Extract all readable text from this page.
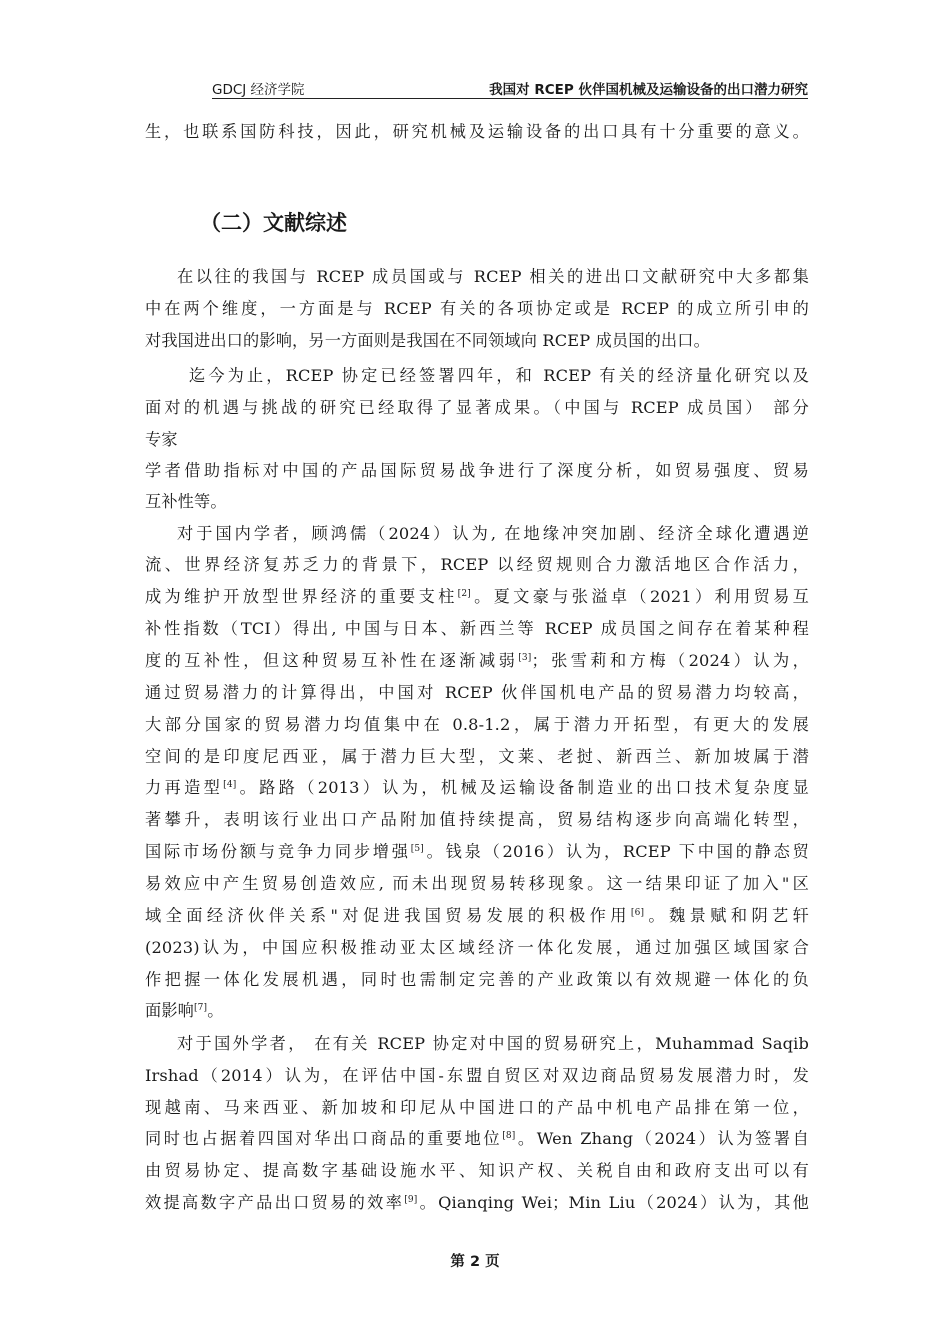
GDCJ 经济学院	我国对 RCEP 伙伴国机械及运输设备的出口潜力研究
生，也联系国防科技，因此，研究机械及运输设备的出口具有十分重要的意义。
（二）文献综述
在以往的我国与 RCEP 成员国或与 RCEP 相关的进出口文献研究中大多都集
中在两个维度，一方面是与 RCEP 有关的各项协定或是 RCEP 的成立所引申的
对我国进出口的影响，另一方面则是我国在不同领域向 RCEP 成员国的出口。
迄今为止，RCEP 协定已经签署四年，和 RCEP 有关的经济量化研究以及
面对的机遇与挑战的研究已经取得了显著成果。（中国与 RCEP 成员国） 部分
专家
学者借助指标对中国的产品国际贸易战争进行了深度分析，如贸易强度、贸易
互补性等。
对于国内学者，顾鸿儒（2024）认为, 在地缘冲突加剧、经济全球化遭遇逆
流、世界经济复苏乏力的背景下，RCEP 以经贸规则合力激活地区合作活力，
成为维护开放型世界经济的重要支柱[2]。夏文豪与张溢卓（2021）利用贸易互
补性指数（TCI）得出, 中国与日本、新西兰等 RCEP 成员国之间存在着某种程
度的互补性，但这种贸易互补性在逐渐减弱[3]；张雪莉和方梅（2024）认为，
通过贸易潜力的计算得出，中国对 RCEP 伙伴国机电产品的贸易潜力均较高，
大部分国家的贸易潜力均值集中在 0.8-1.2，属于潜力开拓型，有更大的发展
空间的是印度尼西亚，属于潜力巨大型，文莱、老挝、新西兰、新加坡属于潜
力再造型[4]。路路（2013）认为，机械及运输设备制造业的出口技术复杂度显
著攀升，表明该行业出口产品附加值持续提高，贸易结构逐步向高端化转型，
国际市场份额与竞争力同步增强[5]。钱泉（2016）认为，RCEP 下中国的静态贸
易效应中产生贸易创造效应, 而未出现贸易转移现象。这一结果印证了加入"区
域全面经济伙伴关系"对促进我国贸易发展的积极作用[6]。魏景赋和阴艺轩
(2023)认为，中国应积极推动亚太区域经济一体化发展，通过加强区域国家合
作把握一体化发展机遇，同时也需制定完善的产业政策以有效规避一体化的负
面影响[7]。
对于国外学者， 在有关 RCEP 协定对中国的贸易研究上，Muhammad Saqib
Irshad（2014）认为，在评估中国-东盟自贸区对双边商品贸易发展潜力时，发
现越南、马来西亚、新加坡和印尼从中国进口的产品中机电产品排在第一位，
同时也占据着四国对华出口商品的重要地位[8]。Wen Zhang（2024）认为签署自
由贸易协定、提高数字基础设施水平、知识产权、关税自由和政府支出可以有
效提高数字产品出口贸易的效率[9]。Qianqing Wei；Min Liu（2024）认为，其他
第 2 页
